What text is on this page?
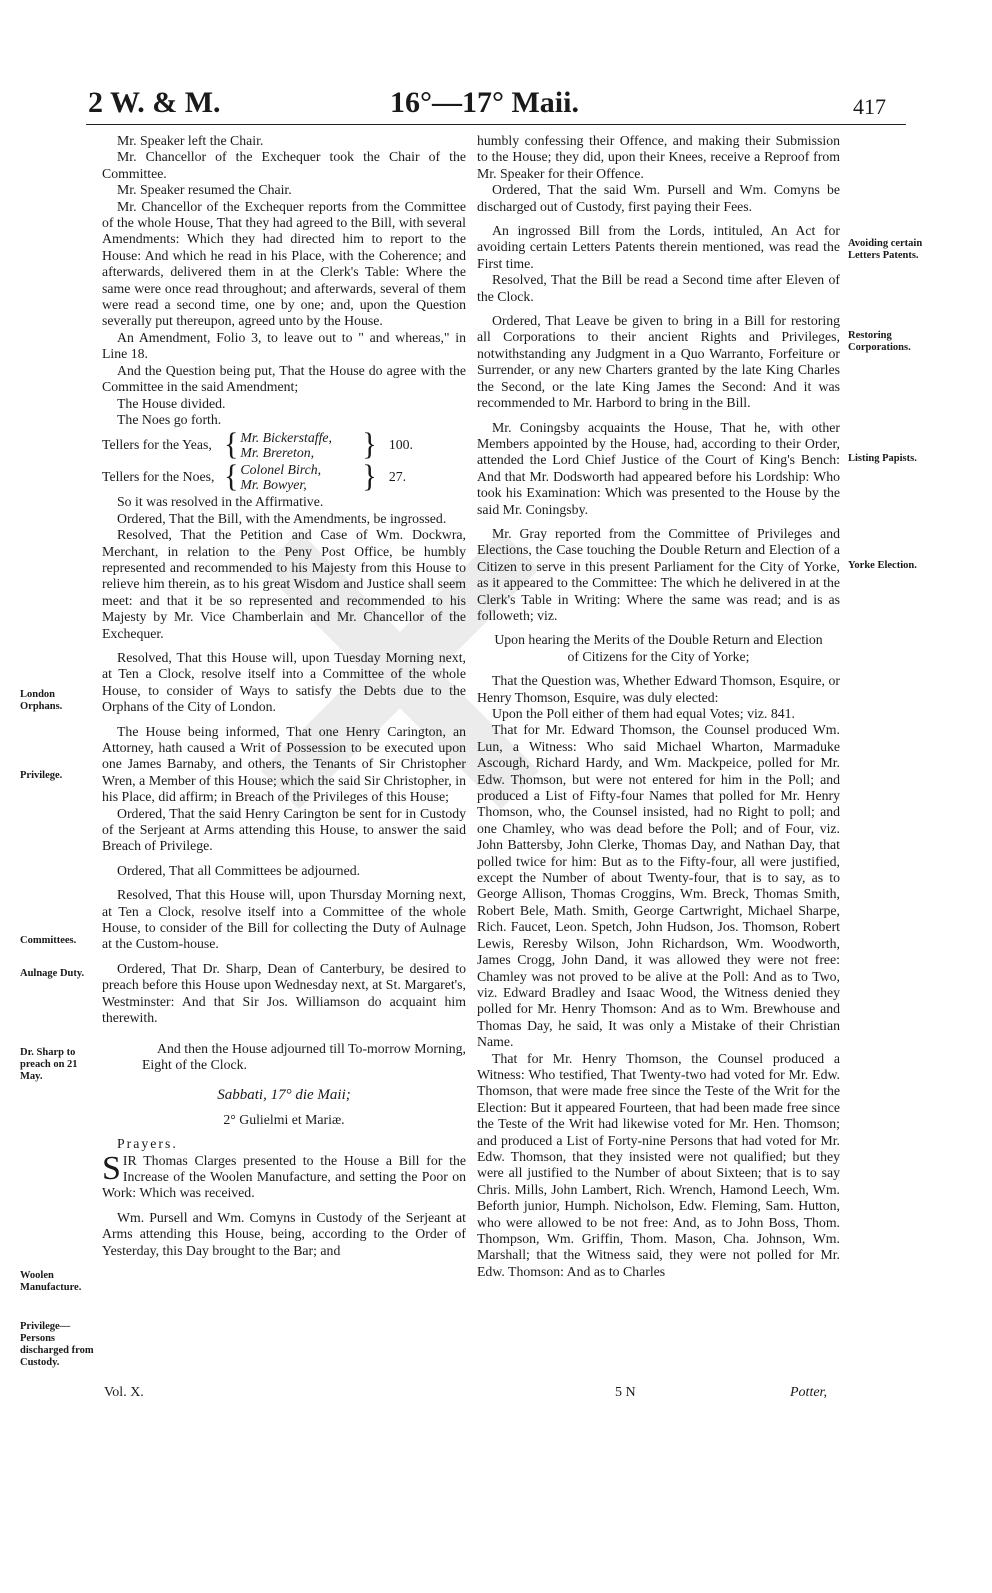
2 W. & M.	16°—17° Maii.	417

Mr. Speaker left the Chair.

Mr. Chancellor of the Exchequer took the Chair of the Committee.

Mr. Speaker resumed the Chair.

Mr. Chancellor of the Exchequer reports from the Committee of the whole House, That they had agreed to the Bill, with several Amendments: Which they had directed him to report to the House: And which he read in his Place, with the Coherence; and afterwards, delivered them in at the Clerk's Table: Where the same were once read throughout; and afterwards, several of them were read a second time, one by one; and, upon the Question severally put thereupon, agreed unto by the House.

An Amendment, Folio 3, to leave out to " and whereas," in Line 18.

And the Question being put, That the House do agree with the Committee in the said Amendment;

The House divided.

The Noes go forth.

Tellers for the Yeas, { Mr. Bickerstaffe,
Mr. Brereton,	} 100.
Tellers for the Noes, { Colonel Birch,
Mr. Bowyer,	} 27.

So it was resolved in the Affirmative.

Ordered, That the Bill, with the Amendments, be ingrossed.

Resolved, That the Petition and Case of Wm. Dockwra, Merchant, in relation to the Peny Post Office, be humbly represented and recommended to his Majesty from this House to relieve him therein, as to his great Wisdom and Justice shall seem meet: and that it be so represented and recommended to his Majesty by Mr. Vice Chamberlain and Mr. Chancellor of the Exchequer.

Resolved, That this House will, upon Tuesday Morning next, at Ten a Clock, resolve itself into a Committee of the whole House, to consider of Ways to satisfy the Debts due to the Orphans of the City of London.

The House being informed, That one Henry Carington, an Attorney, hath caused a Writ of Possession to be executed upon one James Barnaby, and others, the Tenants of Sir Christopher Wren, a Member of this House; which the said Sir Christopher, in his Place, did affirm; in Breach of the Privileges of this House;

Ordered, That the said Henry Carington be sent for in Custody of the Serjeant at Arms attending this House, to answer the said Breach of Privilege.

Ordered, That all Committees be adjourned.

Resolved, That this House will, upon Thursday Morning next, at Ten a Clock, resolve itself into a Committee of the whole House, to consider of the Bill for collecting the Duty of Aulnage at the Custom-house.

Ordered, That Dr. Sharp, Dean of Canterbury, be desired to preach before this House upon Wednesday next, at St. Margaret's, Westminster: And that Sir Jos. Williamson do acquaint him therewith.

And then the House adjourned till To-morrow Morning, Eight of the Clock.

Sabbati, 17° die Maii;

2° Gulielmi et Mariæ.

Prayers.

SIR Thomas Clarges presented to the House a Bill for the Increase of the Woolen Manufacture, and setting the Poor on Work: Which was received.

Wm. Pursell and Wm. Comyns in Custody of the Serjeant at Arms attending this House, being, according to the Order of Yesterday, this Day brought to the Bar; and

London Orphans.
Privilege.
Committees.
Aulnage Duty.
Dr. Sharp to preach on 21 May.
Woolen Manufacture.
Privilege—Persons discharged from Custody.

humbly confessing their Offence, and making their Submission to the House; they did, upon their Knees, receive a Reproof from Mr. Speaker for their Offence.

Ordered, That the said Wm. Pursell and Wm. Comyns be discharged out of Custody, first paying their Fees.

An ingrossed Bill from the Lords, intituled, An Act for avoiding certain Letters Patents therein mentioned, was read the First time.

Resolved, That the Bill be read a Second time after Eleven of the Clock.

Ordered, That Leave be given to bring in a Bill for restoring all Corporations to their ancient Rights and Privileges, notwithstanding any Judgment in a Quo Warranto, Forfeiture or Surrender, or any new Charters granted by the late King Charles the Second, or the late King James the Second: And it was recommended to Mr. Harbord to bring in the Bill.

Mr. Coningsby acquaints the House, That he, with other Members appointed by the House, had, according to their Order, attended the Lord Chief Justice of the Court of King's Bench: And that Mr. Dodsworth had appeared before his Lordship: Who took his Examination: Which was presented to the House by the said Mr. Coningsby.

Mr. Gray reported from the Committee of Privileges and Elections, the Case touching the Double Return and Election of a Citizen to serve in this present Parliament for the City of Yorke, as it appeared to the Committee: The which he delivered in at the Clerk's Table in Writing: Where the same was read; and is as followeth; viz.

Upon hearing the Merits of the Double Return and Election of Citizens for the City of Yorke;

That the Question was, Whether Edward Thomson, Esquire, or Henry Thomson, Esquire, was duly elected:

Upon the Poll either of them had equal Votes; viz. 841.

That for Mr. Edward Thomson, the Counsel produced Wm. Lun, a Witness: Who said Michael Wharton, Marmaduke Ascough, Richard Hardy, and Wm. Mackpeice, polled for Mr. Edw. Thomson, but were not entered for him in the Poll; and produced a List of Fifty-four Names that polled for Mr. Henry Thomson, who, the Counsel insisted, had no Right to poll; and one Chamley, who was dead before the Poll; and of Four, viz. John Battersby, John Clerke, Thomas Day, and Nathan Day, that polled twice for him: But as to the Fifty-four, all were justified, except the Number of about Twenty-four, that is to say, as to George Allison, Thomas Croggins, Wm. Breck, Thomas Smith, Robert Bele, Math. Smith, George Cartwright, Michael Sharpe, Rich. Faucet, Leon. Spetch, John Hudson, Jos. Thomson, Robert Lewis, Reresby Wilson, John Richardson, Wm. Woodworth, James Crogg, John Dand, it was allowed they were not free: Chamley was not proved to be alive at the Poll: And as to Two, viz. Edward Bradley and Isaac Wood, the Witness denied they polled for Mr. Henry Thomson: And as to Wm. Brewhouse and Thomas Day, he said, It was only a Mistake of their Christian Name.

That for Mr. Henry Thomson, the Counsel produced a Witness: Who testified, That Twenty-two had voted for Mr. Edw. Thomson, that were made free since the Teste of the Writ for the Election: But it appeared Fourteen, that had been made free since the Teste of the Writ had likewise voted for Mr. Hen. Thomson; and produced a List of Forty-nine Persons that had voted for Mr. Edw. Thomson, that they insisted were not qualified; but they were all justified to the Number of about Sixteen; that is to say Chris. Mills, John Lambert, Rich. Wrench, Hamond Leech, Wm. Beforth junior, Humph. Nicholson, Edw. Fleming, Sam. Hutton, who were allowed to be not free: And, as to John Boss, Thom. Thompson, Wm. Griffin, Thom. Mason, Cha. Johnson, Wm. Marshall; that the Witness said, they were not polled for Mr. Edw. Thomson: And as to Charles

Avoiding certain Letters Patents.
Restoring Corporations.
Listing Papists.
Yorke Election.
Vol. X.	5 N	Potter,
